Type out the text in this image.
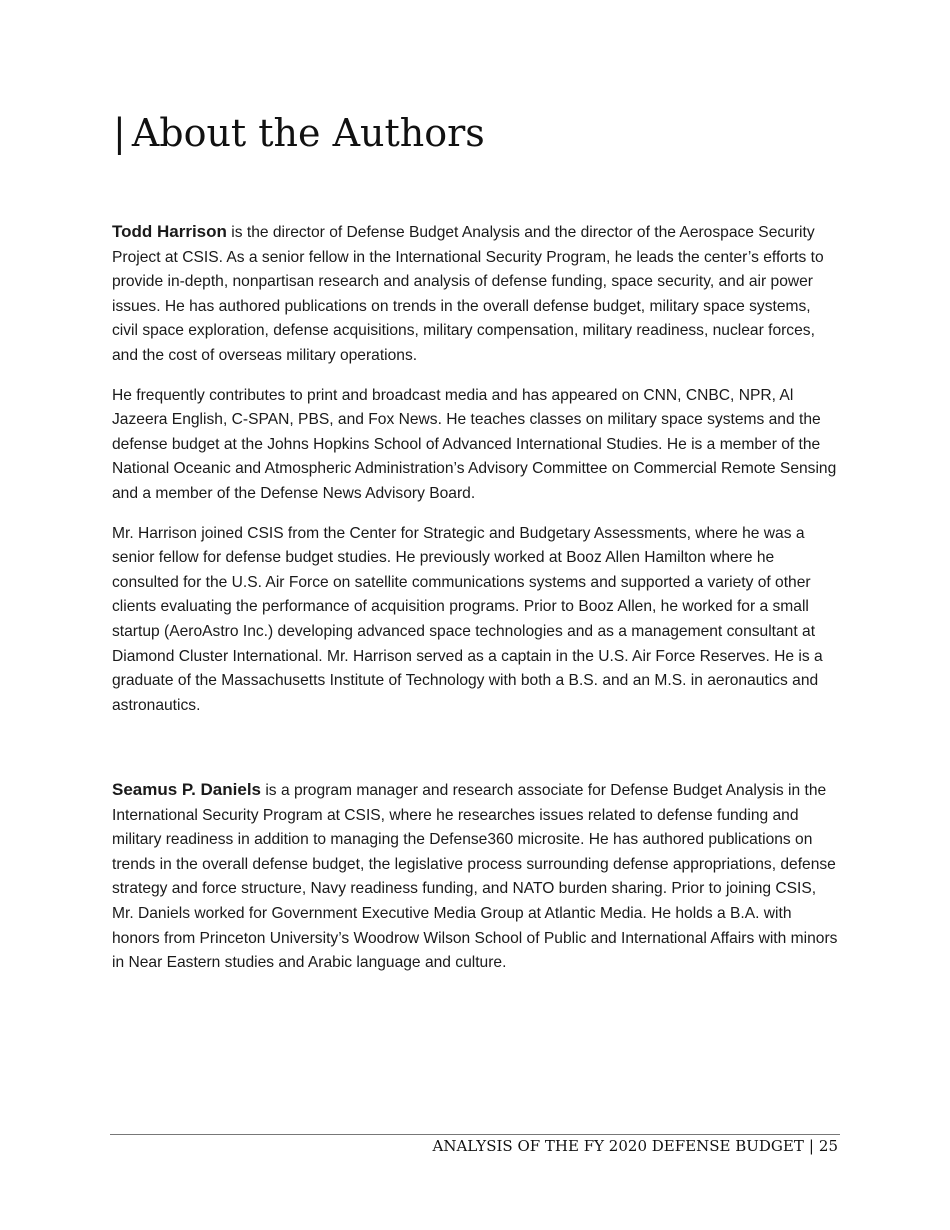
| About the Authors

Todd Harrison is the director of Defense Budget Analysis and the director of the Aerospace Security Project at CSIS. As a senior fellow in the International Security Program, he leads the center’s efforts to provide in-depth, nonpartisan research and analysis of defense funding, space security, and air power issues. He has authored publications on trends in the overall defense budget, military space systems, civil space exploration, defense acquisitions, military compensation, military readiness, nuclear forces, and the cost of overseas military operations.

He frequently contributes to print and broadcast media and has appeared on CNN, CNBC, NPR, Al Jazeera English, C-SPAN, PBS, and Fox News. He teaches classes on military space systems and the defense budget at the Johns Hopkins School of Advanced International Studies. He is a member of the National Oceanic and Atmospheric Administration’s Advisory Committee on Commercial Remote Sensing and a member of the Defense News Advisory Board.

Mr. Harrison joined CSIS from the Center for Strategic and Budgetary Assessments, where he was a senior fellow for defense budget studies. He previously worked at Booz Allen Hamilton where he consulted for the U.S. Air Force on satellite communications systems and supported a variety of other clients evaluating the performance of acquisition programs. Prior to Booz Allen, he worked for a small startup (AeroAstro Inc.) developing advanced space technologies and as a management consultant at Diamond Cluster International. Mr. Harrison served as a captain in the U.S. Air Force Reserves. He is a graduate of the Massachusetts Institute of Technology with both a B.S. and an M.S. in aeronautics and astronautics.

Seamus P. Daniels is a program manager and research associate for Defense Budget Analysis in the International Security Program at CSIS, where he researches issues related to defense funding and military readiness in addition to managing the Defense360 microsite. He has authored publications on trends in the overall defense budget, the legislative process surrounding defense appropriations, defense strategy and force structure, Navy readiness funding, and NATO burden sharing. Prior to joining CSIS, Mr. Daniels worked for Government Executive Media Group at Atlantic Media. He holds a B.A. with honors from Princeton University’s Woodrow Wilson School of Public and International Affairs with minors in Near Eastern studies and Arabic language and culture.

ANALYSIS OF THE FY 2020 DEFENSE BUDGET | 25
